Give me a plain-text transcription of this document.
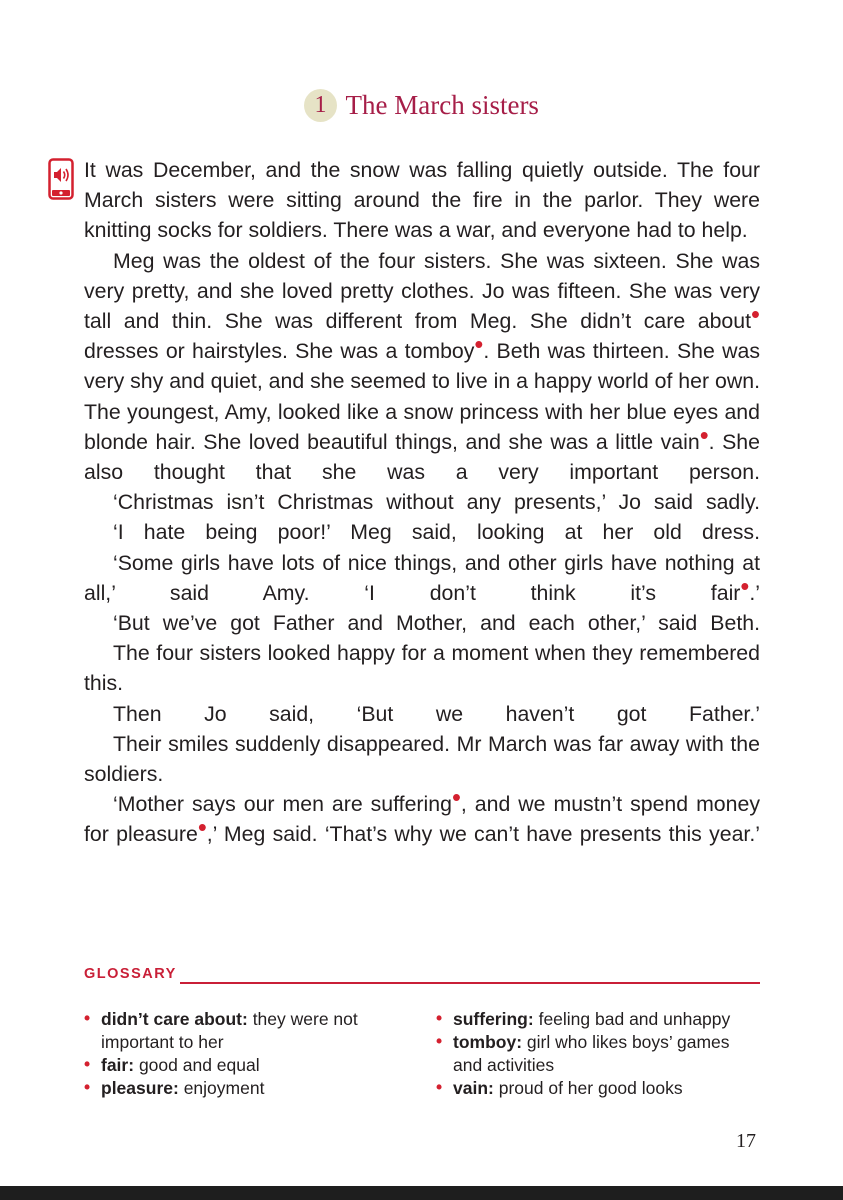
1 The March sisters

It was December, and the snow was falling quietly outside. The four March sisters were sitting around the fire in the parlor. They were knitting socks for soldiers. There was a war, and everyone had to help.

Meg was the oldest of the four sisters. She was sixteen. She was very pretty, and she loved pretty clothes. Jo was fifteen. She was very tall and thin. She was different from Meg. She didn’t care about• dresses or hairstyles. She was a tomboy•. Beth was thirteen. She was very shy and quiet, and she seemed to live in a happy world of her own. The youngest, Amy, looked like a snow princess with her blue eyes and blonde hair. She loved beautiful things, and she was a little vain•. She also thought that she was a very important person.

‘Christmas isn’t Christmas without any presents,’ Jo said sadly.

‘I hate being poor!’ Meg said, looking at her old dress.

‘Some girls have lots of nice things, and other girls have nothing at all,’ said Amy. ‘I don’t think it’s fair•.’

‘But we’ve got Father and Mother, and each other,’ said Beth.

The four sisters looked happy for a moment when they remembered this.

Then Jo said, ‘But we haven’t got Father.’

Their smiles suddenly disappeared. Mr March was far away with the soldiers.

‘Mother says our men are suffering•, and we mustn’t spend money for pleasure•,’ Meg said. ‘That’s why we can’t have presents this year.’

GLOSSARY
• didn’t care about: they were not important to her
• fair: good and equal
• pleasure: enjoyment
• suffering: feeling bad and unhappy
• tomboy: girl who likes boys’ games and activities
• vain: proud of her good looks
17
